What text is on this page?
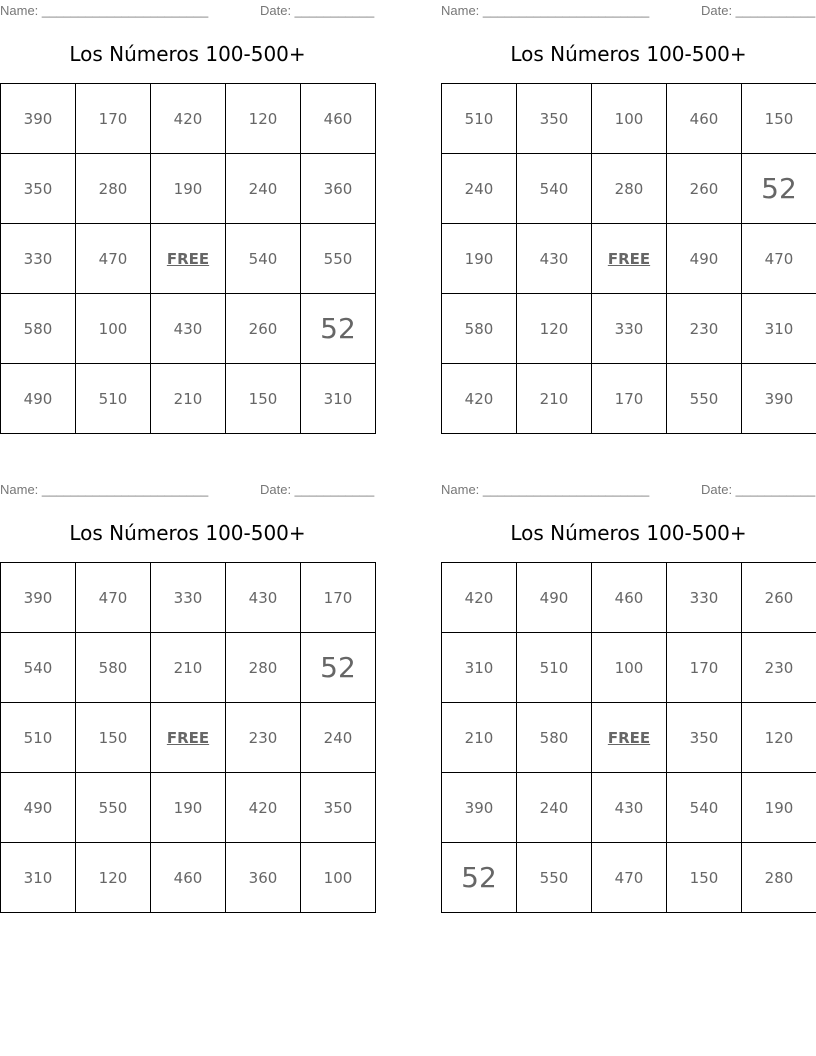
Name: _______________________	Date: ___________
Los Números 100-500+
390	170	420	120	460
350	280	190	240	360
330	470	FREE	540	550
580	100	430	260	52
490	510	210	150	310
Name: _______________________	Date: ___________
Los Números 100-500+
510	350	100	460	150
240	540	280	260	52
190	430	FREE	490	470
580	120	330	230	310
420	210	170	550	390
Name: _______________________	Date: ___________
Los Números 100-500+
390	470	330	430	170
540	580	210	280	52
510	150	FREE	230	240
490	550	190	420	350
310	120	460	360	100
Name: _______________________	Date: ___________
Los Números 100-500+
420	490	460	330	260
310	510	100	170	230
210	580	FREE	350	120
390	240	430	540	190
52	550	470	150	280
